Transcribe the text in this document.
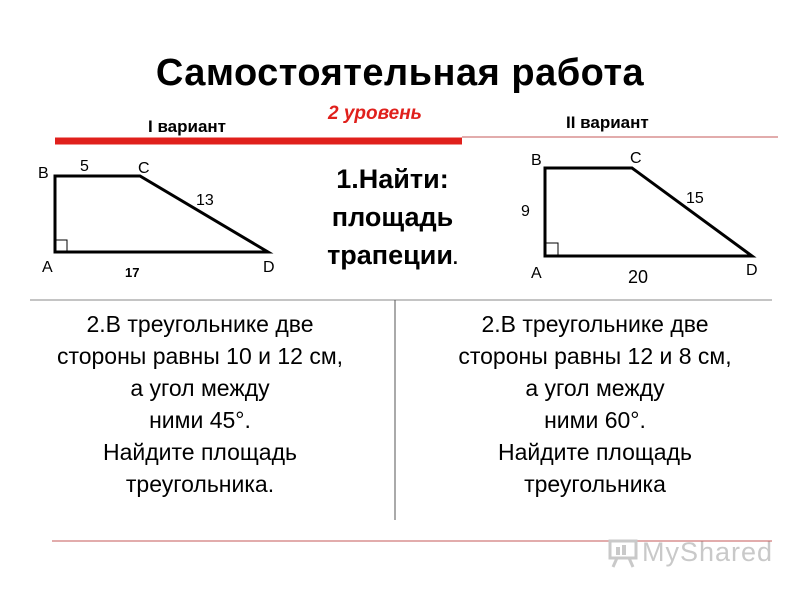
Самостоятельная работа
2 уровень
I вариант	II вариант
B	C
A	D
5
13
17
B	C
A	D
9
15
20
1.Найти:
площадь
трапеции.
2.В треугольнике две
стороны равны 10 и 12 см,
а угол между
ними 45°.
Найдите площадь
треугольника.
2.В треугольнике две
стороны равны 12 и 8 см,
а угол между
ними 60°.
Найдите площадь
треугольника
MyShared
